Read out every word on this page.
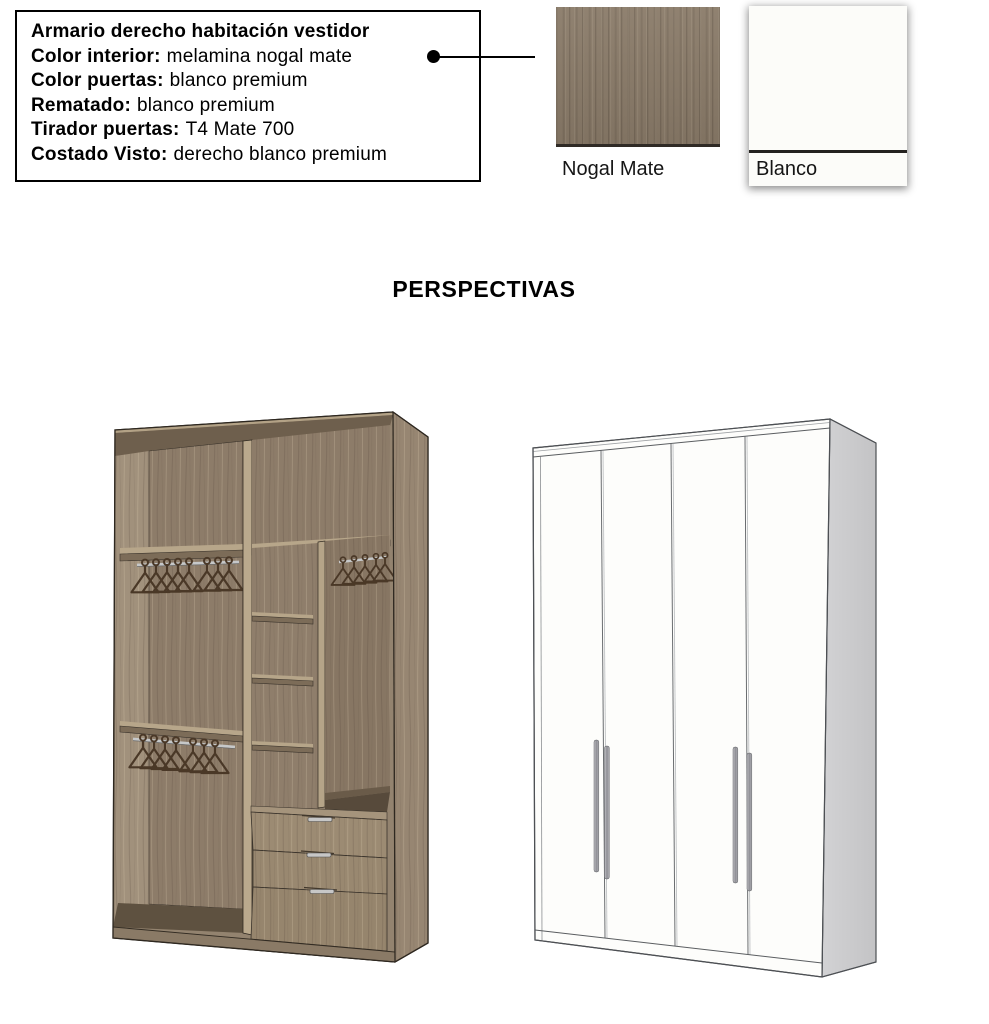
Armario derecho habitación vestidor
Color interior: melamina nogal mate
Color puertas: blanco premium
Rematado: blanco premium
Tirador puertas: T4 Mate 700
Costado Visto: derecho blanco premium
Nogal Mate	Blanco
PERSPECTIVAS
